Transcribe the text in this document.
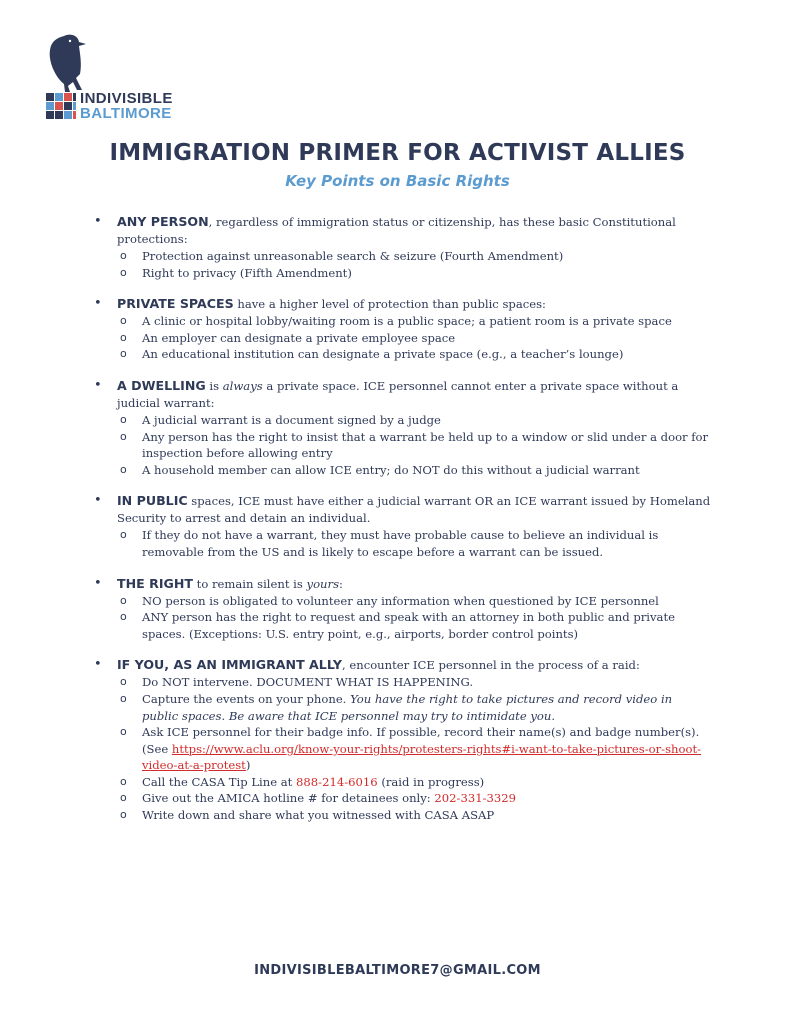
INDIVISIBLE
BALTIMORE
IMMIGRATION PRIMER FOR ACTIVIST ALLIES
Key Points on Basic Rights
• ANY PERSON, regardless of immigration status or citizenship, has these basic Constitutional protections:

o Protection against unreasonable search & seizure (Fourth Amendment)
o Right to privacy (Fifth Amendment)
• PRIVATE SPACES have a higher level of protection than public spaces:

o A clinic or hospital lobby/waiting room is a public space; a patient room is a private space
o An employer can designate a private employee space
o An educational institution can designate a private space (e.g., a teacher’s lounge)
• A DWELLING is always a private space. ICE personnel cannot enter a private space without a judicial warrant:

o A judicial warrant is a document signed by a judge
o Any person has the right to insist that a warrant be held up to a window or slid under a door for inspection before allowing entry
o A household member can allow ICE entry; do NOT do this without a judicial warrant
• IN PUBLIC spaces, ICE must have either a judicial warrant OR an ICE warrant issued by Homeland Security to arrest and detain an individual.

o If they do not have a warrant, they must have probable cause to believe an individual is removable from the US and is likely to escape before a warrant can be issued.
• THE RIGHT to remain silent is yours:

o NO person is obligated to volunteer any information when questioned by ICE personnel
o ANY person has the right to request and speak with an attorney in both public and private spaces. (Exceptions: U.S. entry point, e.g., airports, border control points)
• IF YOU, AS AN IMMIGRANT ALLY, encounter ICE personnel in the process of a raid:

o Do NOT intervene. DOCUMENT WHAT IS HAPPENING.
o Capture the events on your phone. You have the right to take pictures and record video in public spaces. Be aware that ICE personnel may try to intimidate you.
o Ask ICE personnel for their badge info. If possible, record their name(s) and badge number(s). (See https://www.aclu.org/know-your-rights/protesters-rights#i-want-to-take-pictures-or-shoot-video-at-a-protest)
o Call the CASA Tip Line at 888-214-6016 (raid in progress)
o Give out the AMICA hotline # for detainees only: 202-331-3329
o Write down and share what you witnessed with CASA ASAP
INDIVISIBLEBALTIMORE7@GMAIL.COM
